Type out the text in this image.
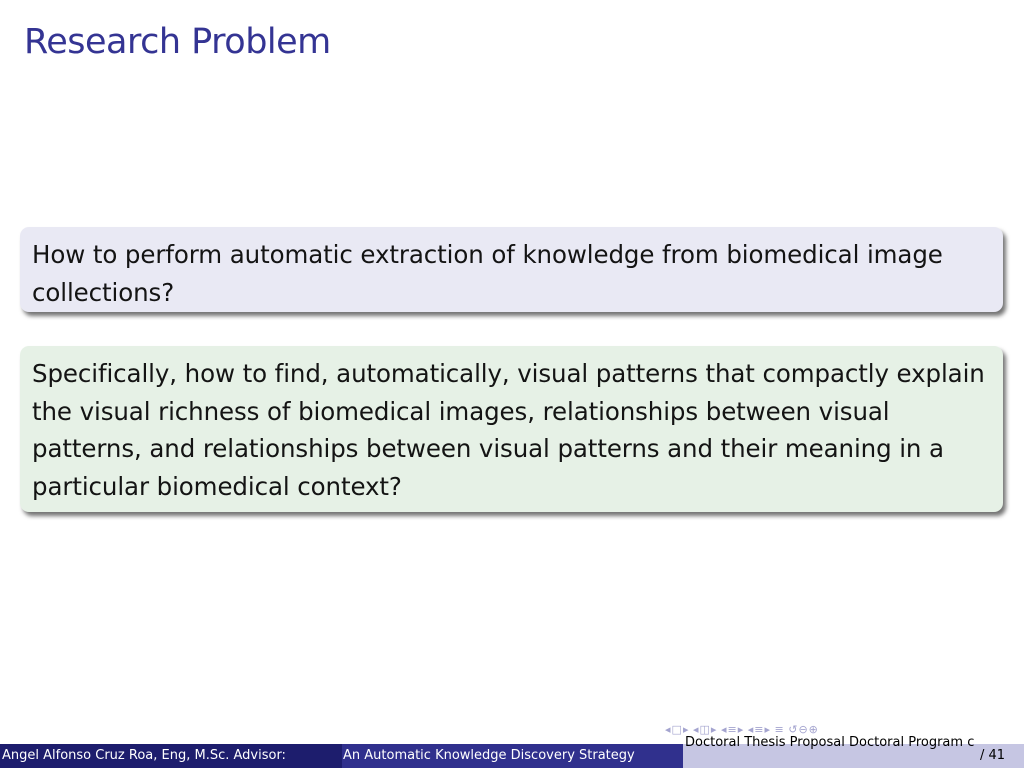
Research Problem

How to perform automatic extraction of knowledge from biomedical image collections?

Specifically, how to find, automatically, visual patterns that compactly explain the visual richness of biomedical images, relationships between visual patterns, and relationships between visual patterns and their meaning in a particular biomedical context?

◂□▸ ◂◫▸ ◂≡▸ ◂≡▸ ≡ ↺⊖⊕
Angel Alfonso Cruz Roa, Eng, M.Sc. Advisor:	An Automatic Knowledge Discovery Strategy
Doctoral Thesis Proposal Doctoral Program c
/ 41
